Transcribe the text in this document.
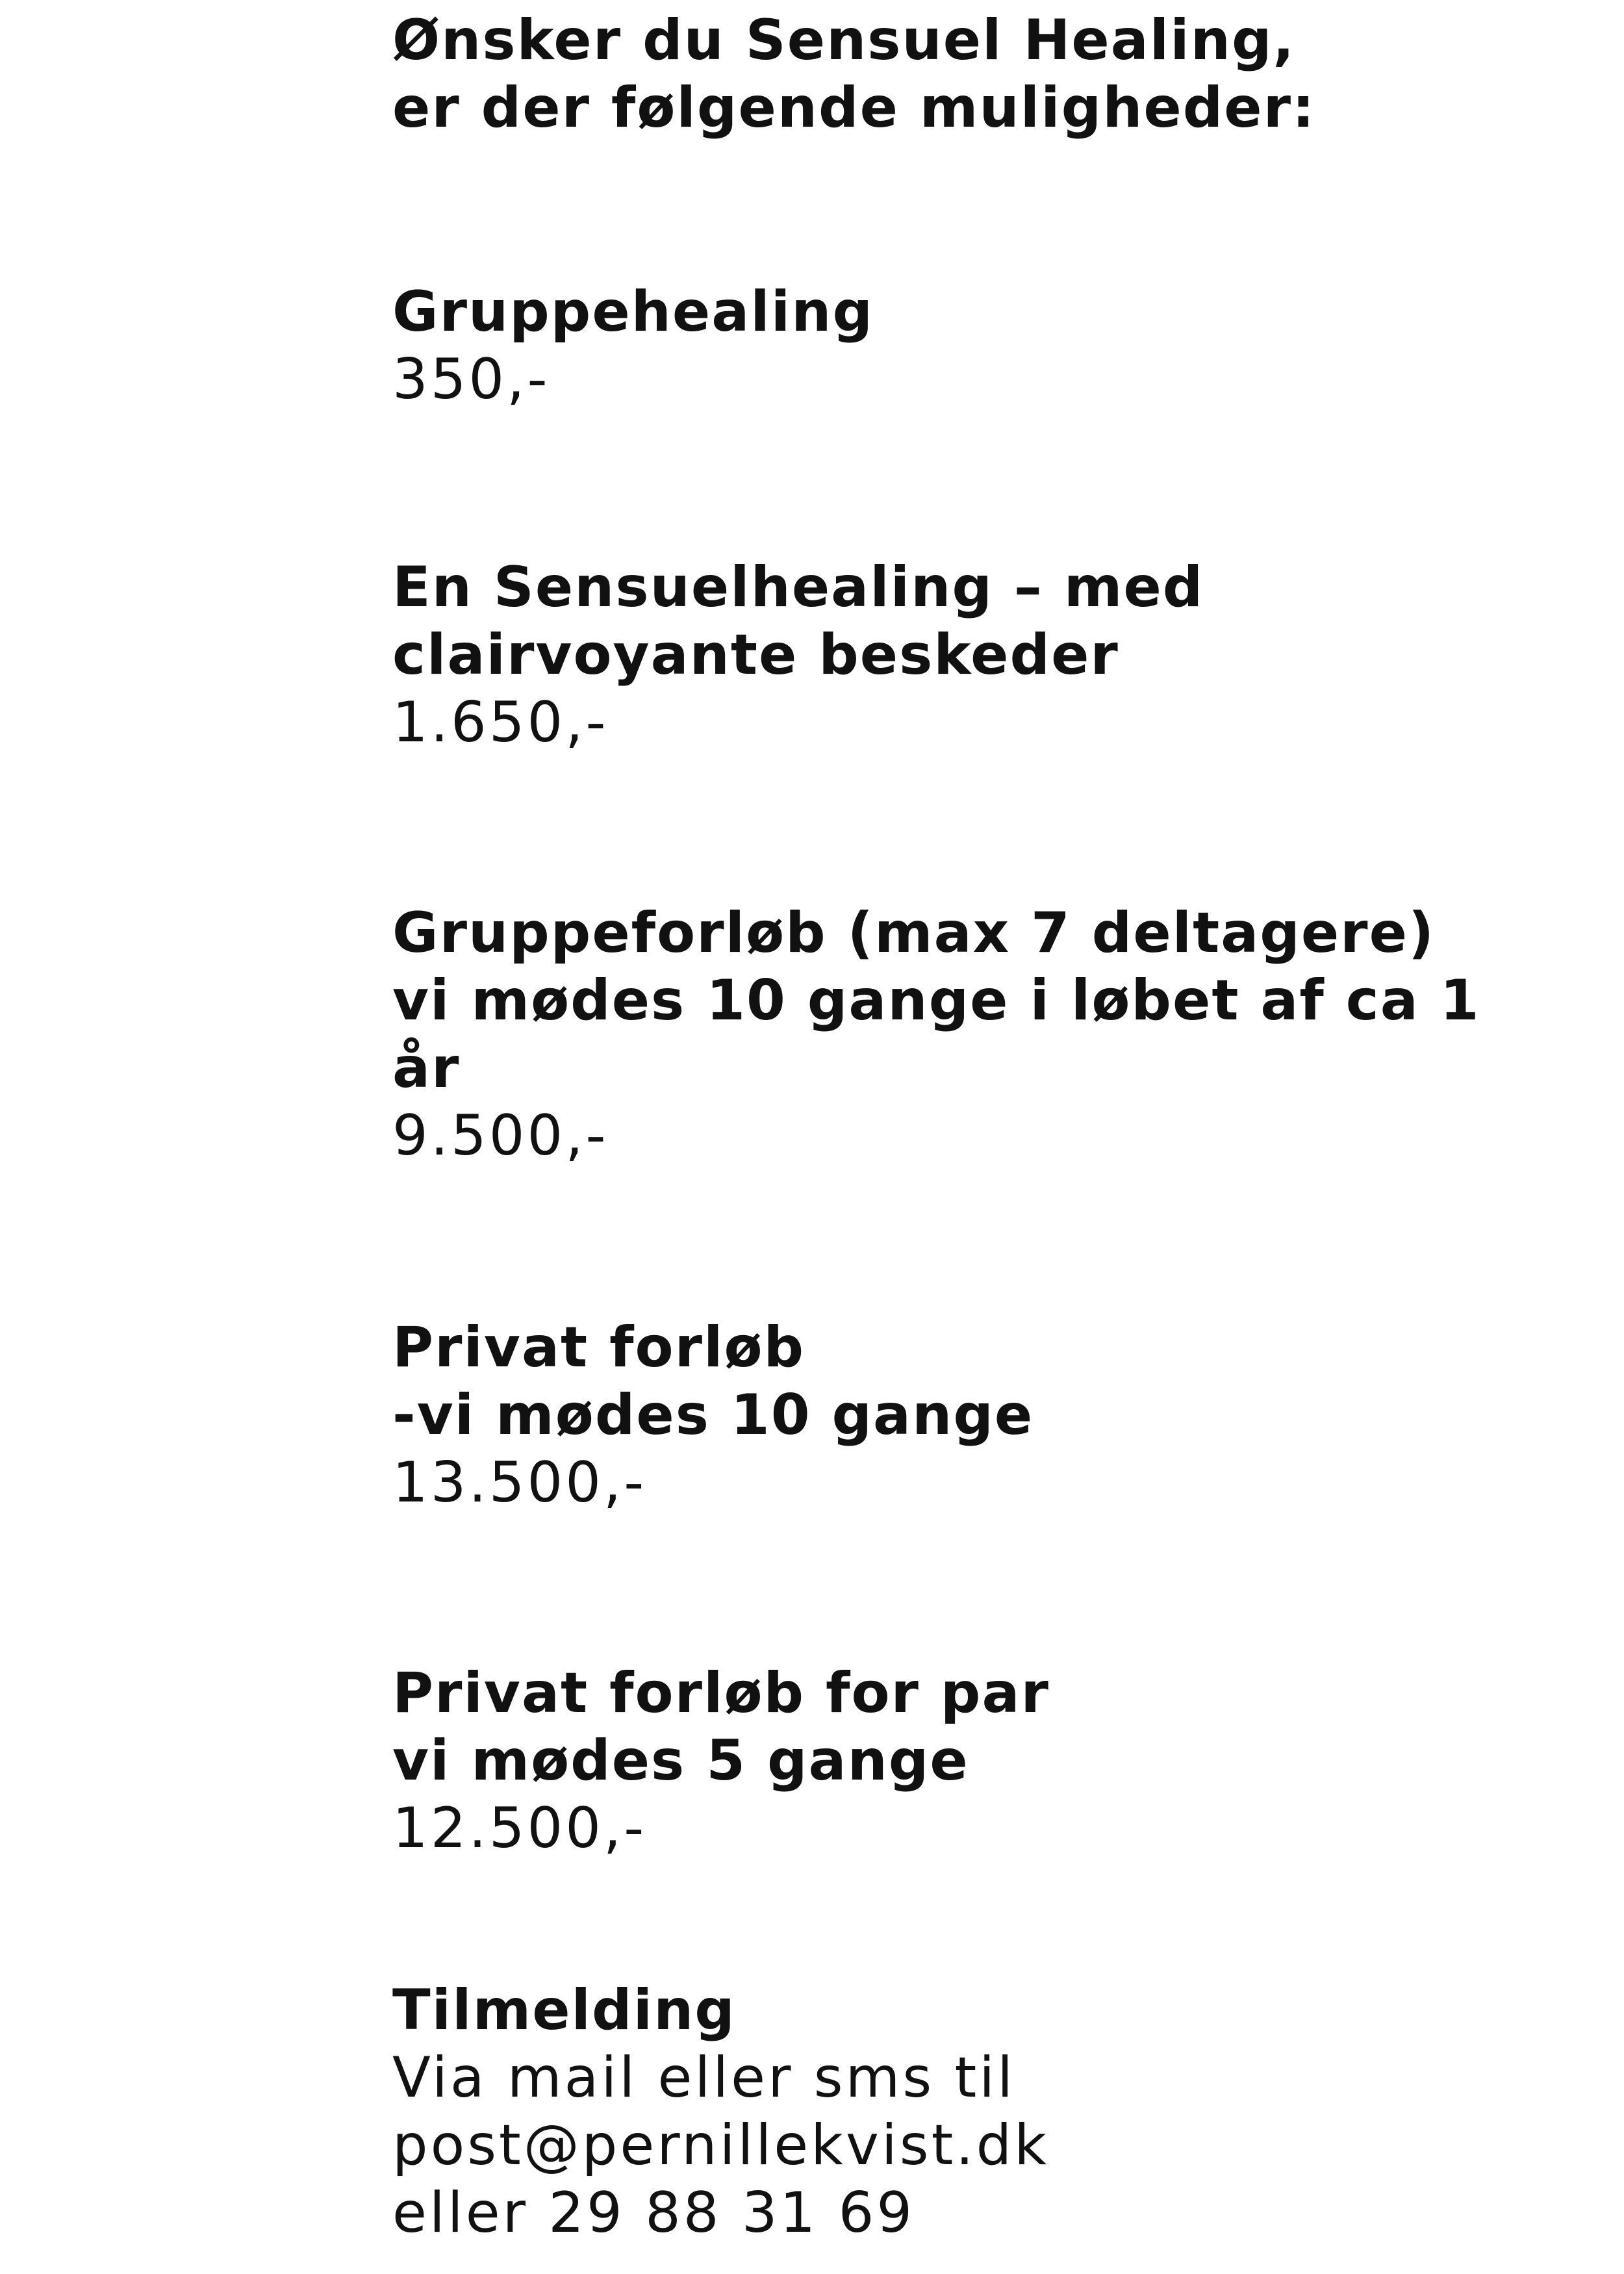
Ønsker du Sensuel Healing,
er der følgende muligheder:
Gruppehealing
350,-
En Sensuelhealing – med
clairvoyante beskeder
1.650,-
Gruppeforløb (max 7 deltagere)
vi mødes 10 gange i løbet af ca 1
år
9.500,-
Privat forløb
-vi mødes 10 gange
13.500,-
Privat forløb for par
vi mødes 5 gange
12.500,-
Tilmelding
Via mail eller sms til
post@pernillekvist.dk
eller 29 88 31 69
